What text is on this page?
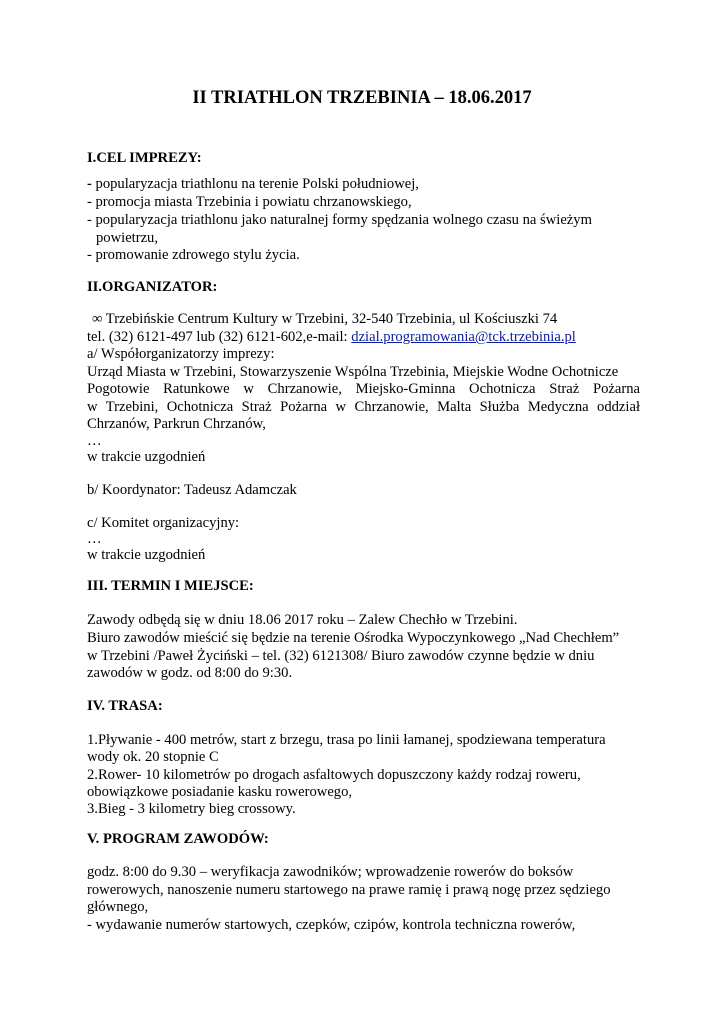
II TRIATHLON TRZEBINIA – 18.06.2017
I.CEL IMPREZY:
- popularyzacja triathlonu na terenie Polski południowej,
- promocja miasta Trzebinia i powiatu chrzanowskiego,
- popularyzacja triathlonu jako naturalnej formy spędzania wolnego czasu na świeżym
powietrzu,
- promowanie zdrowego stylu życia.
II.ORGANIZATOR:
∞ Trzebińskie Centrum Kultury w Trzebini, 32-540 Trzebinia, ul Kościuszki 74
tel. (32) 6121-497 lub (32) 6121-602,e-mail: dzial.programowania@tck.trzebinia.pl
a/ Współorganizatorzy imprezy:
Urząd Miasta w Trzebini, Stowarzyszenie Wspólna Trzebinia, Miejskie Wodne Ochotnicze
Pogotowie Ratunkowe w Chrzanowie, Miejsko-Gminna Ochotnicza Straż Pożarna
w Trzebini, Ochotnicza Straż Pożarna w Chrzanowie, Malta Służba Medyczna oddział
Chrzanów, Parkrun Chrzanów,
…
w trakcie uzgodnień
b/ Koordynator: Tadeusz Adamczak
c/ Komitet organizacyjny:
…
w trakcie uzgodnień
III. TERMIN I MIEJSCE:
Zawody odbędą się w dniu 18.06 2017 roku – Zalew Chechło w Trzebini.
Biuro zawodów mieścić się będzie na terenie Ośrodka Wypoczynkowego „Nad Chechłem”
w Trzebini /Paweł Życiński – tel. (32) 6121308/ Biuro zawodów czynne będzie w dniu
zawodów w godz. od 8:00 do 9:30.
IV. TRASA:
1.Pływanie - 400 metrów, start z brzegu, trasa po linii łamanej, spodziewana temperatura
wody ok. 20 stopnie C
2.Rower- 10 kilometrów po drogach asfaltowych dopuszczony każdy rodzaj roweru,
obowiązkowe posiadanie kasku rowerowego,
3.Bieg - 3 kilometry bieg crossowy.
V. PROGRAM ZAWODÓW:
godz. 8:00 do 9.30 – weryfikacja zawodników; wprowadzenie rowerów do boksów
rowerowych, nanoszenie numeru startowego na prawe ramię i prawą nogę przez sędziego
głównego,
- wydawanie numerów startowych, czepków, czipów, kontrola techniczna rowerów,
